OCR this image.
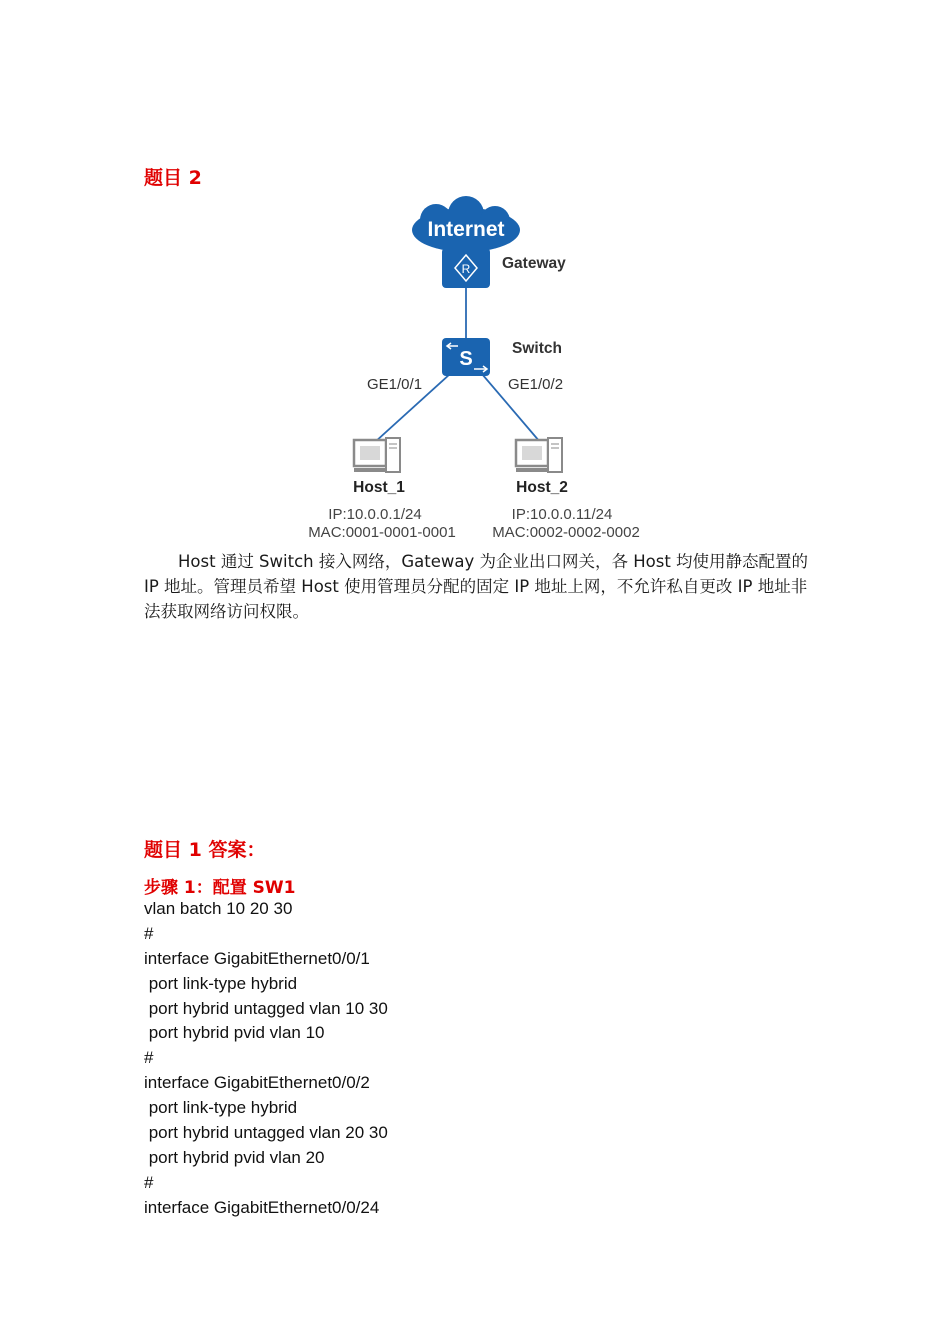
题目 2
Internet
R Gateway
S	Switch
GE1/0/1	GE1/0/2
Host_1
IP:10.0.0.1/24
MAC:0001-0001-0001
Host_2
IP:10.0.0.11/24
MAC:0002-0002-0002
Host 通过 Switch 接入网络，Gateway 为企业出口网关，各 Host 均使用静态配置的 IP 地址。管理员希望 Host 使用管理员分配的固定 IP 地址上网，不允许私自更改 IP 地址非法获取网络访问权限。
题目 1 答案：
步骤 1：配置 SW1
vlan batch 10 20 30
#
interface GigabitEthernet0/0/1
port link-type hybrid
port hybrid untagged vlan 10 30
port hybrid pvid vlan 10
#
interface GigabitEthernet0/0/2
port link-type hybrid
port hybrid untagged vlan 20 30
port hybrid pvid vlan 20
#
interface GigabitEthernet0/0/24
